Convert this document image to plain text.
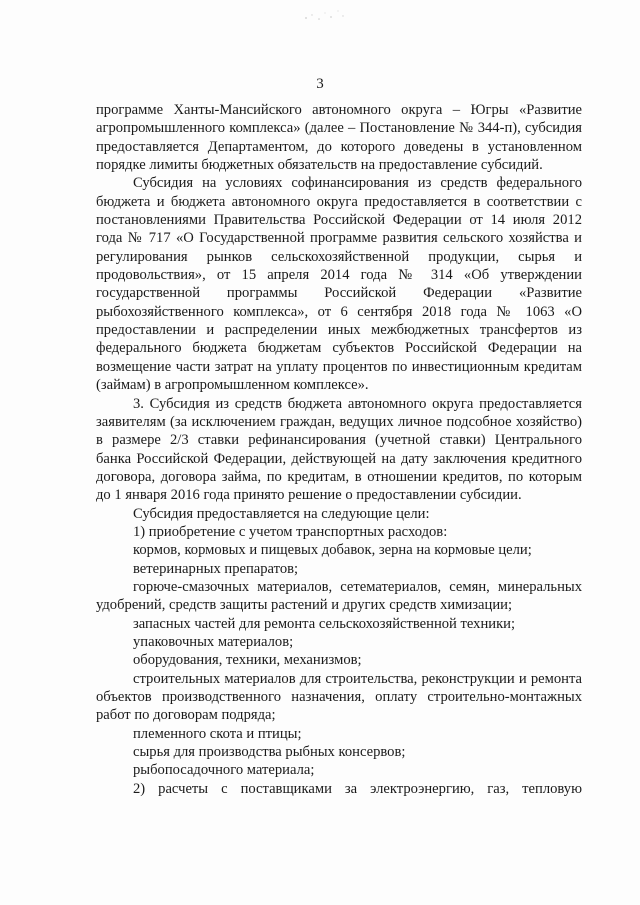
3

программе Ханты-Мансийского автономного округа – Югры «Развитие агропромышленного комплекса» (далее – Постановление № 344-п), субсидия предоставляется Департаментом, до которого доведены в установленном порядке лимиты бюджетных обязательств на предоставление субсидий.

Субсидия на условиях софинансирования из средств федерального бюджета и бюджета автономного округа предоставляется в соответствии с постановлениями Правительства Российской Федерации от 14 июля 2012 года № 717 «О Государственной программе развития сельского хозяйства и регулирования рынков сельскохозяйственной продукции, сырья и продовольствия», от 15 апреля 2014 года № 314 «Об утверждении государственной программы Российской Федерации «Развитие рыбохозяйственного комплекса», от 6 сентября 2018 года № 1063 «О предоставлении и распределении иных межбюджетных трансфертов из федерального бюджета бюджетам субъектов Российской Федерации на возмещение части затрат на уплату процентов по инвестиционным кредитам (займам) в агропромышленном комплексе».

3. Субсидия из средств бюджета автономного округа предоставляется заявителям (за исключением граждан, ведущих личное подсобное хозяйство) в размере 2/3 ставки рефинансирования (учетной ставки) Центрального банка Российской Федерации, действующей на дату заключения кредитного договора, договора займа, по кредитам, в отношении кредитов, по которым до 1 января 2016 года принято решение о предоставлении субсидии.

Субсидия предоставляется на следующие цели:

1) приобретение с учетом транспортных расходов:

кормов, кормовых и пищевых добавок, зерна на кормовые цели;

ветеринарных препаратов;

горюче-смазочных материалов, сетематериалов, семян, минеральных удобрений, средств защиты растений и других средств химизации;

запасных частей для ремонта сельскохозяйственной техники;

упаковочных материалов;

оборудования, техники, механизмов;

строительных материалов для строительства, реконструкции и ремонта объектов производственного назначения, оплату строительно-монтажных работ по договорам подряда;

племенного скота и птицы;

сырья для производства рыбных консервов;

рыбопосадочного материала;

2) расчеты с поставщиками за электроэнергию, газ, тепловую
